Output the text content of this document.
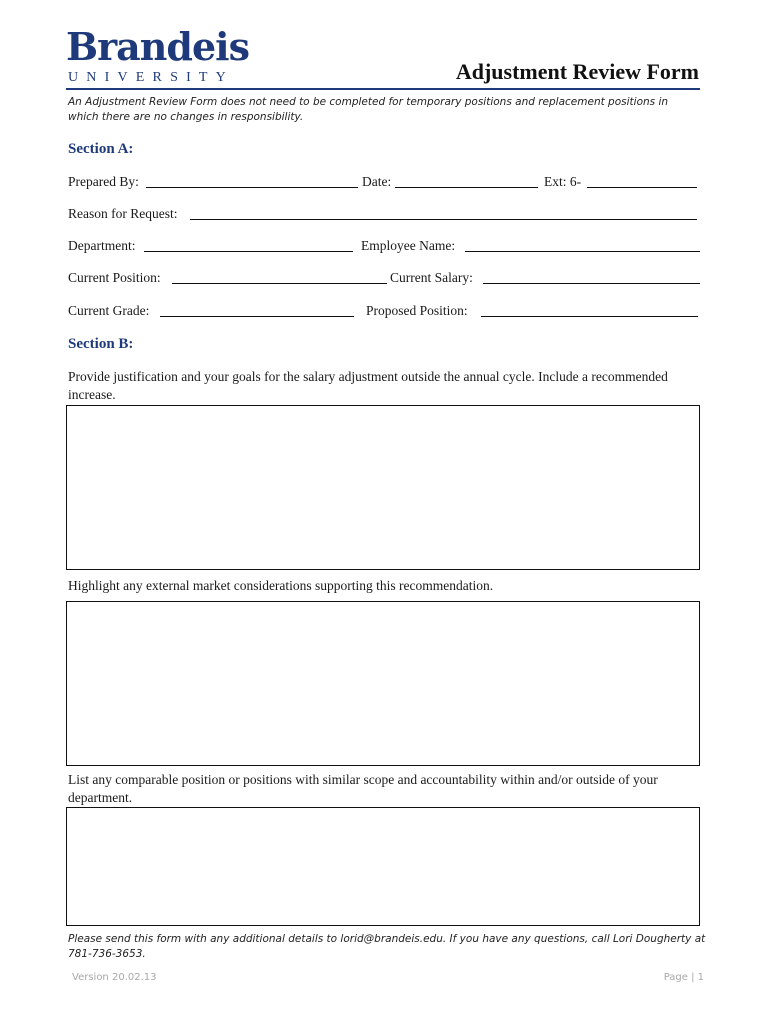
Brandeis
UNIVERSITY	Adjustment Review Form
An Adjustment Review Form does not need to be completed for temporary positions and replacement positions in which there are no changes in responsibility.
Section A:
Prepared By:	Date:	Ext: 6-
Reason for Request:
Department:	Employee Name:
Current Position:	Current Salary:
Current Grade:	Proposed Position:
Section B:
Provide justification and your goals for the salary adjustment outside the annual cycle. Include a recommended increase.
Highlight any external market considerations supporting this recommendation.
List any comparable position or positions with similar scope and accountability within and/or outside of your department.
Please send this form with any additional details to lorid@brandeis.edu. If you have any questions, call Lori Dougherty at 781-736-3653.
Version 20.02.13	Page | 1
